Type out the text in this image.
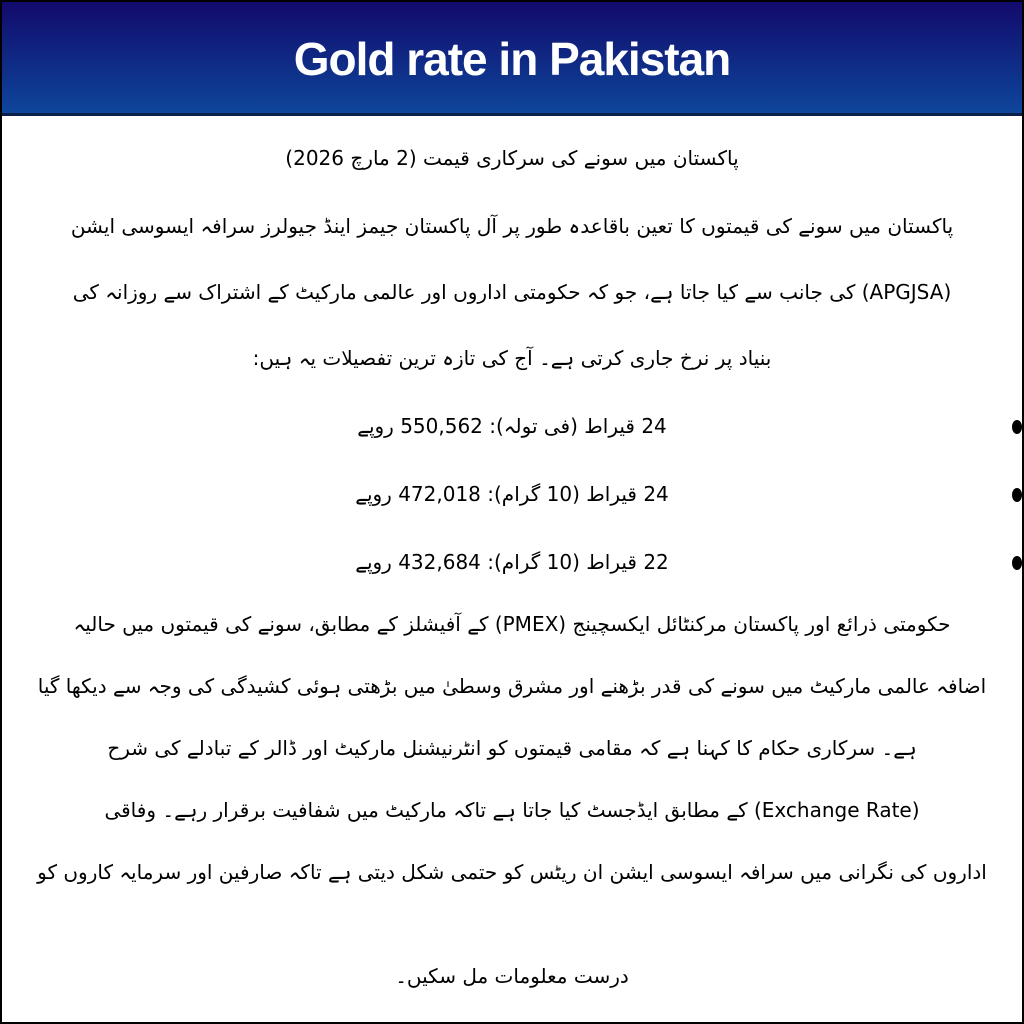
Gold rate in Pakistan
پاکستان میں سونے کی سرکاری قیمت (2 مارچ 2026)
پاکستان میں سونے کی قیمتوں کا تعین باقاعدہ طور پر آل پاکستان جیمز اینڈ جیولرز سرافہ ایسوسی ایشن
(APGJSA) کی جانب سے کیا جاتا ہے، جو کہ حکومتی اداروں اور عالمی مارکیٹ کے اشتراک سے روزانہ کی
بنیاد پر نرخ جاری کرتی ہے۔ آج کی تازہ ترین تفصیلات یہ ہیں:
24 قیراط (فی تولہ): 550,562 روپے
24 قیراط (10 گرام): 472,018 روپے
22 قیراط (10 گرام): 432,684 روپے
حکومتی ذرائع اور پاکستان مرکنٹائل ایکسچینج (PMEX) کے آفیشلز کے مطابق، سونے کی قیمتوں میں حالیہ
اضافہ عالمی مارکیٹ میں سونے کی قدر بڑھنے اور مشرق وسطیٰ میں بڑھتی ہوئی کشیدگی کی وجہ سے دیکھا گیا
ہے۔ سرکاری حکام کا کہنا ہے کہ مقامی قیمتوں کو انٹرنیشنل مارکیٹ اور ڈالر کے تبادلے کی شرح
(Exchange Rate) کے مطابق ایڈجسٹ کیا جاتا ہے تاکہ مارکیٹ میں شفافیت برقرار رہے۔ وفاقی
اداروں کی نگرانی میں سرافہ ایسوسی ایشن ان ریٹس کو حتمی شکل دیتی ہے تاکہ صارفین اور سرمایہ کاروں کو
درست معلومات مل سکیں۔
